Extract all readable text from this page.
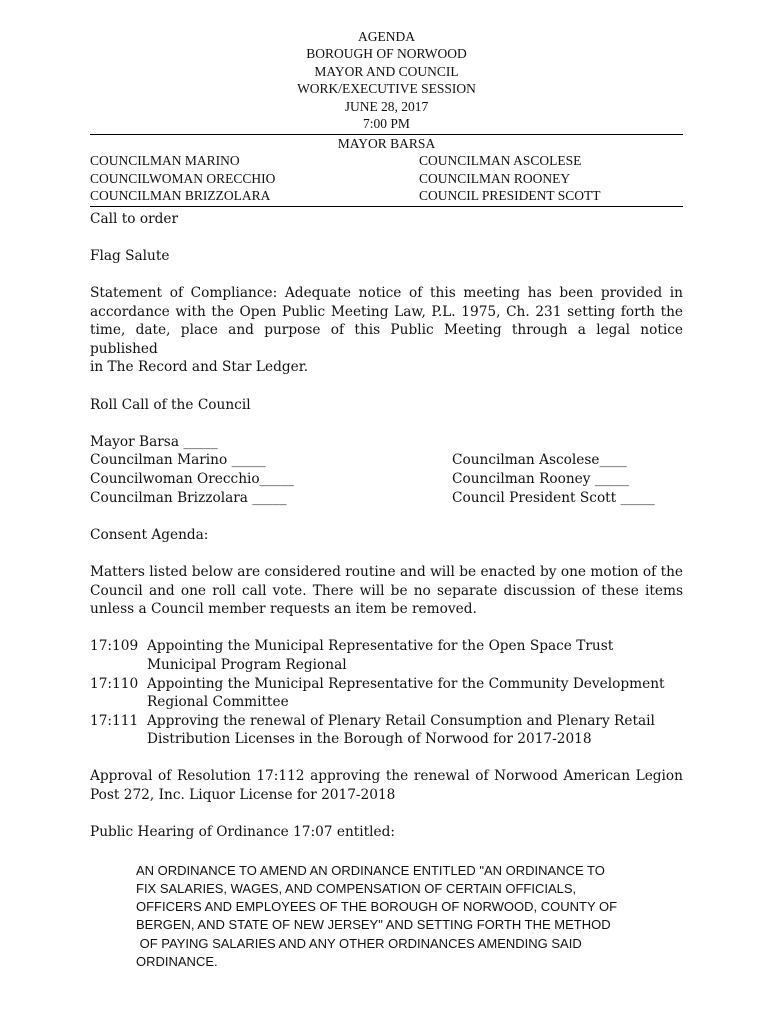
AGENDA
BOROUGH OF NORWOOD
MAYOR AND COUNCIL
WORK/EXECUTIVE SESSION
JUNE 28, 2017
7:00 PM
MAYOR BARSA
COUNCILMAN MARINO
COUNCILWOMAN ORECCHIO
COUNCILMAN BRIZZOLARA
COUNCILMAN ASCOLESE
COUNCILMAN ROONEY
COUNCIL PRESIDENT SCOTT

Call to order

Flag Salute

Statement of Compliance: Adequate notice of this meeting has been provided in

accordance with the Open Public Meeting Law, P.L. 1975, Ch. 231 setting forth the

time, date, place and purpose of this Public Meeting through a legal notice published

in The Record and Star Ledger.

Roll Call of the Council

Mayor Barsa _____

Councilman Marino _____
Councilwoman Orecchio_____
Councilman Brizzolara _____
Councilman Ascolese____
Councilman Rooney _____
Council President Scott _____

Consent Agenda:

Matters listed below are considered routine and will be enacted by one motion of the

Council and one roll call vote. There will be no separate discussion of these items

unless a Council member requests an item be removed.

17:109 Appointing the Municipal Representative for the Open Space Trust
Municipal Program Regional
17:110 Appointing the Municipal Representative for the Community Development
Regional Committee
17:111 Approving the renewal of Plenary Retail Consumption and Plenary Retail
Distribution Licenses in the Borough of Norwood for 2017-2018

Approval of Resolution 17:112 approving the renewal of Norwood American Legion

Post 272, Inc. Liquor License for 2017-2018

Public Hearing of Ordinance 17:07 entitled:

AN ORDINANCE TO AMEND AN ORDINANCE ENTITLED "AN ORDINANCE TO
FIX SALARIES, WAGES, AND COMPENSATION OF CERTAIN OFFICIALS,
OFFICERS AND EMPLOYEES OF THE BOROUGH OF NORWOOD, COUNTY OF
BERGEN, AND STATE OF NEW JERSEY" AND SETTING FORTH THE METHOD
OF PAYING SALARIES AND ANY OTHER ORDINANCES AMENDING SAID
ORDINANCE.
